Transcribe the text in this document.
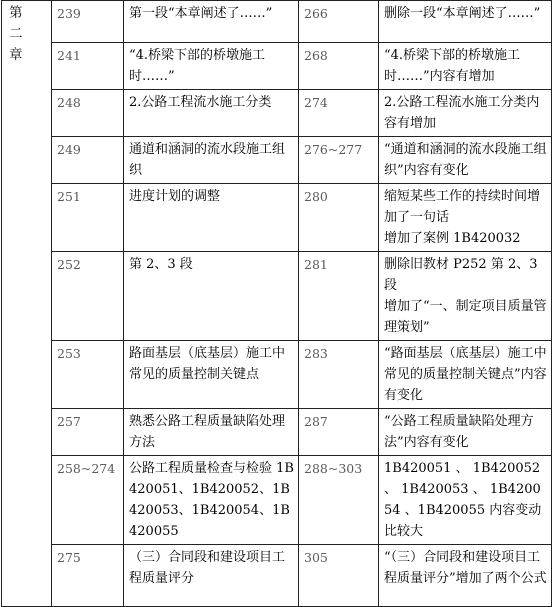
第
二
章	239	第一段“本章阐述了……”	266	删除一段“本章阐述了……”
	241	“4.桥梁下部的桥墩施工时……”	268	“4.桥梁下部的桥墩施工时……”内容有增加
	248	2.公路工程流水施工分类	274	2.公路工程流水施工分类内容有增加
	249	通道和涵洞的流水段施工组织	276~277	“通道和涵洞的流水段施工组织”内容有变化
	251	进度计划的调整	280	缩短某些工作的持续时间增加了一句话
增加了案例 1B420032
	252	第 2、3 段	281	删除旧教材 P252 第 2、3 段
增加了“一、制定项目质量管理策划”
	253	路面基层（底基层）施工中常见的质量控制关键点	283	“路面基层（底基层）施工中常见的质量控制关键点”内容有变化
	257	熟悉公路工程质量缺陷处理方法	287	“公路工程质量缺陷处理方法”内容有变化
	258~274	公路工程质量检查与检验 1B420051、1B420052、1B420053、1B420054、1B420055	288~303	1B420051 、 1B420052 、 1B420053 、 1B420054 、1B420055 内容变动比较大
	275	（三）合同段和建设项目工程质量评分	305	“（三）合同段和建设项目工程质量评分”增加了两个公式
